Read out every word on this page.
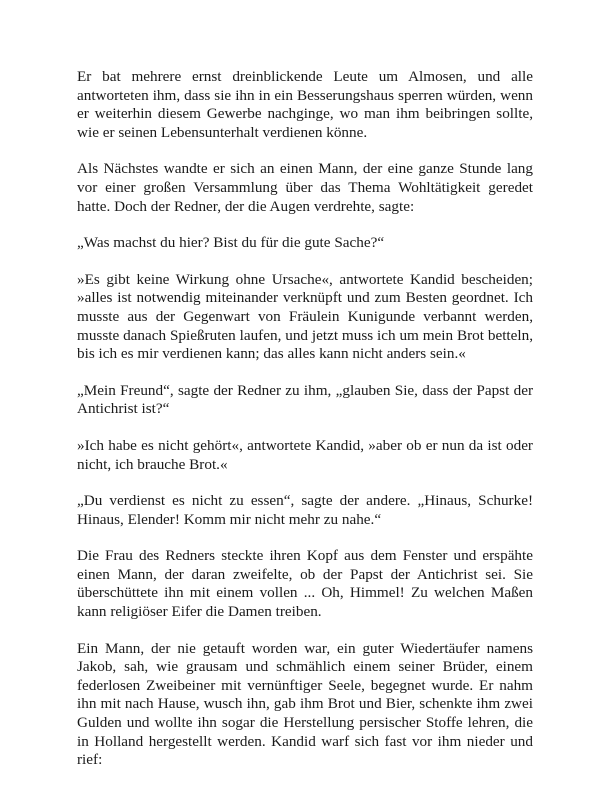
Er bat mehrere ernst dreinblickende Leute um Almosen, und alle antworteten ihm, dass sie ihn in ein Besserungshaus sperren würden, wenn er weiterhin diesem Gewerbe nachginge, wo man ihm beibringen sollte, wie er seinen Lebensunterhalt verdienen könne.

Als Nächstes wandte er sich an einen Mann, der eine ganze Stunde lang vor einer großen Versammlung über das Thema Wohltätigkeit geredet hatte. Doch der Redner, der die Augen verdrehte, sagte:

„Was machst du hier? Bist du für die gute Sache?“

»Es gibt keine Wirkung ohne Ursache«, antwortete Kandid bescheiden; »alles ist notwendig miteinander verknüpft und zum Besten geordnet. Ich musste aus der Gegenwart von Fräulein Kunigunde verbannt werden, musste danach Spießruten laufen, und jetzt muss ich um mein Brot betteln, bis ich es mir verdienen kann; das alles kann nicht anders sein.«

„Mein Freund“, sagte der Redner zu ihm, „glauben Sie, dass der Papst der Antichrist ist?“

»Ich habe es nicht gehört«, antwortete Kandid, »aber ob er nun da ist oder nicht, ich brauche Brot.«

„Du verdienst es nicht zu essen“, sagte der andere. „Hinaus, Schurke! Hinaus, Elender! Komm mir nicht mehr zu nahe.“

Die Frau des Redners steckte ihren Kopf aus dem Fenster und erspähte einen Mann, der daran zweifelte, ob der Papst der Antichrist sei. Sie überschüttete ihn mit einem vollen ... Oh, Himmel! Zu welchen Maßen kann religiöser Eifer die Damen treiben.

Ein Mann, der nie getauft worden war, ein guter Wiedertäufer namens Jakob, sah, wie grausam und schmählich einem seiner Brüder, einem federlosen Zweibeiner mit vernünftiger Seele, begegnet wurde. Er nahm ihn mit nach Hause, wusch ihn, gab ihm Brot und Bier, schenkte ihm zwei Gulden und wollte ihn sogar die Herstellung persischer Stoffe lehren, die in Holland hergestellt werden. Kandid warf sich fast vor ihm nieder und rief:
